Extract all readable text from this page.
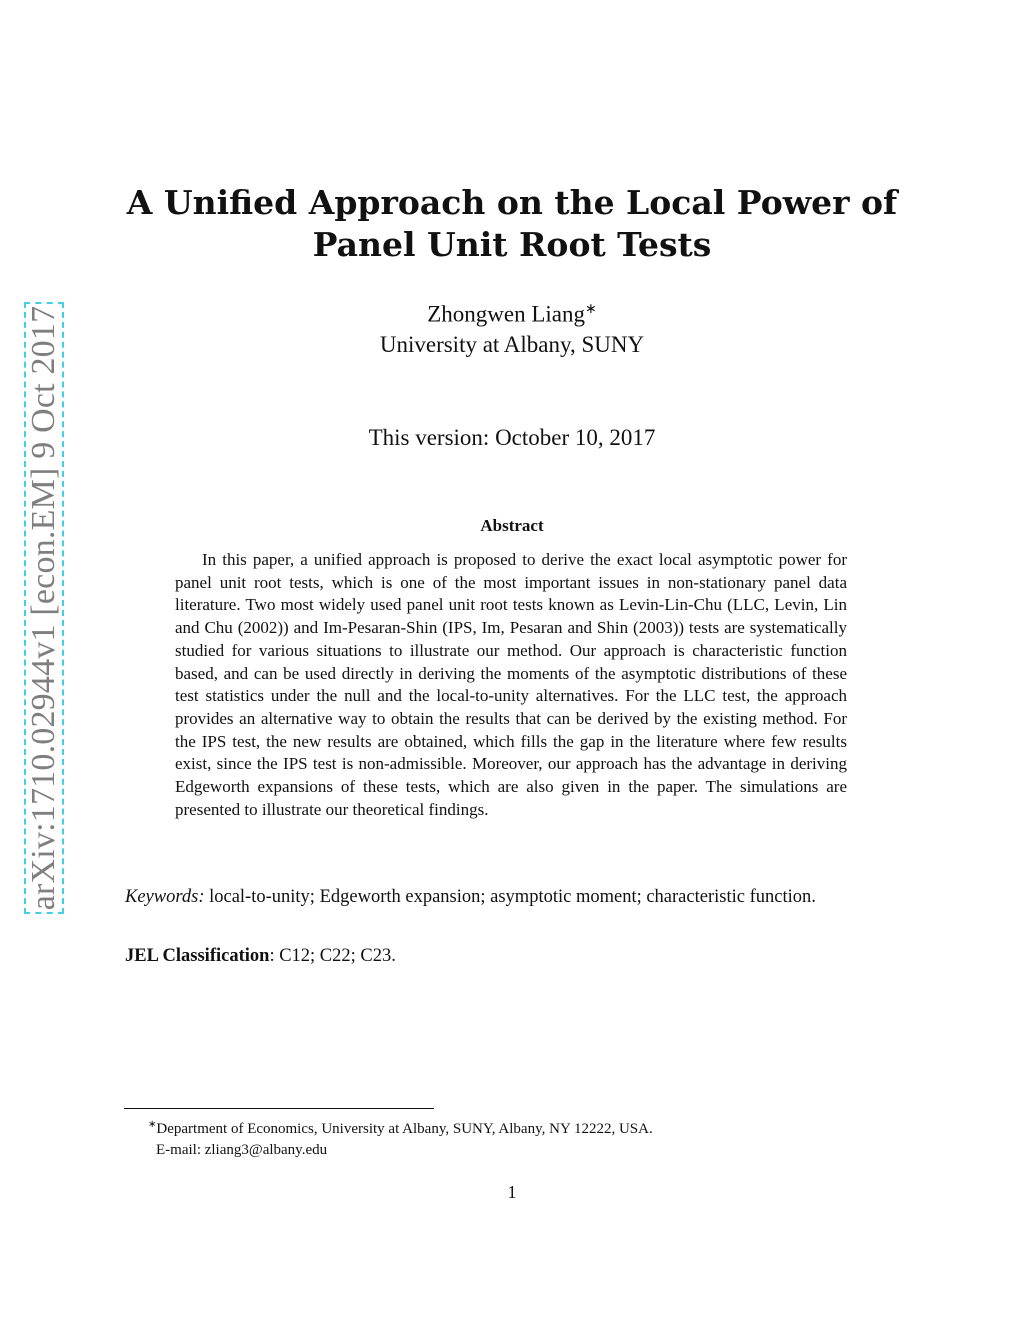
arXiv:1710.02944v1 [econ.EM] 9 Oct 2017
A Unified Approach on the Local Power of
Panel Unit Root Tests
Zhongwen Liang∗
University at Albany, SUNY
This version: October 10, 2017
Abstract

In this paper, a unified approach is proposed to derive the exact local asymptotic power for panel unit root tests, which is one of the most important issues in non-stationary panel data literature. Two most widely used panel unit root tests known as Levin-Lin-Chu (LLC, Levin, Lin and Chu (2002)) and Im-Pesaran-Shin (IPS, Im, Pesaran and Shin (2003)) tests are systematically studied for various situations to illustrate our method. Our approach is characteristic function based, and can be used directly in deriving the moments of the asymptotic distributions of these test statistics under the null and the local-to-unity alternatives. For the LLC test, the approach provides an alternative way to obtain the results that can be derived by the existing method. For the IPS test, the new results are obtained, which fills the gap in the literature where few results exist, since the IPS test is non-admissible. Moreover, our approach has the advantage in deriving Edgeworth expansions of these tests, which are also given in the paper. The simulations are presented to illustrate our theoretical findings.

Keywords: local-to-unity; Edgeworth expansion; asymptotic moment; characteristic function.

JEL Classification: C12; C22; C23.

∗Department of Economics, University at Albany, SUNY, Albany, NY 12222, USA.
E-mail: zliang3@albany.edu
1
